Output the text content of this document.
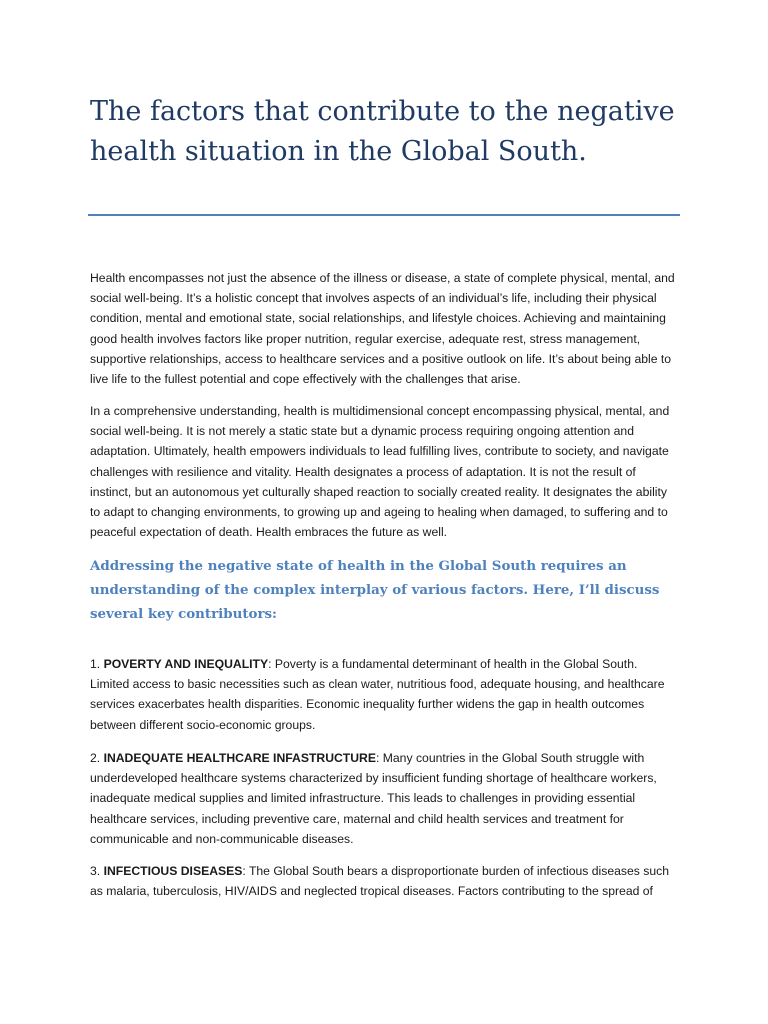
The factors that contribute to the negative health situation in the Global South.

Health encompasses not just the absence of the illness or disease, a state of complete physical, mental, and social well-being. It’s a holistic concept that involves aspects of an individual’s life, including their physical condition, mental and emotional state, social relationships, and lifestyle choices. Achieving and maintaining good health involves factors like proper nutrition, regular exercise, adequate rest, stress management, supportive relationships, access to healthcare services and a positive outlook on life. It’s about being able to live life to the fullest potential and cope effectively with the challenges that arise.

In a comprehensive understanding, health is multidimensional concept encompassing physical, mental, and social well-being. It is not merely a static state but a dynamic process requiring ongoing attention and adaptation. Ultimately, health empowers individuals to lead fulfilling lives, contribute to society, and navigate challenges with resilience and vitality. Health designates a process of adaptation. It is not the result of instinct, but an autonomous yet culturally shaped reaction to socially created reality. It designates the ability to adapt to changing environments, to growing up and ageing to healing when damaged, to suffering and to peaceful expectation of death. Health embraces the future as well.

Addressing the negative state of health in the Global South requires an understanding of the complex interplay of various factors. Here, I’ll discuss several key contributors:

1. POVERTY AND INEQUALITY: Poverty is a fundamental determinant of health in the Global South. Limited access to basic necessities such as clean water, nutritious food, adequate housing, and healthcare services exacerbates health disparities. Economic inequality further widens the gap in health outcomes between different socio-economic groups.

2. INADEQUATE HEALTHCARE INFASTRUCTURE: Many countries in the Global South struggle with underdeveloped healthcare systems characterized by insufficient funding shortage of healthcare workers, inadequate medical supplies and limited infrastructure. This leads to challenges in providing essential healthcare services, including preventive care, maternal and child health services and treatment for communicable and non-communicable diseases.

3. INFECTIOUS DISEASES: The Global South bears a disproportionate burden of infectious diseases such as malaria, tuberculosis, HIV/AIDS and neglected tropical diseases. Factors contributing to the spread of
